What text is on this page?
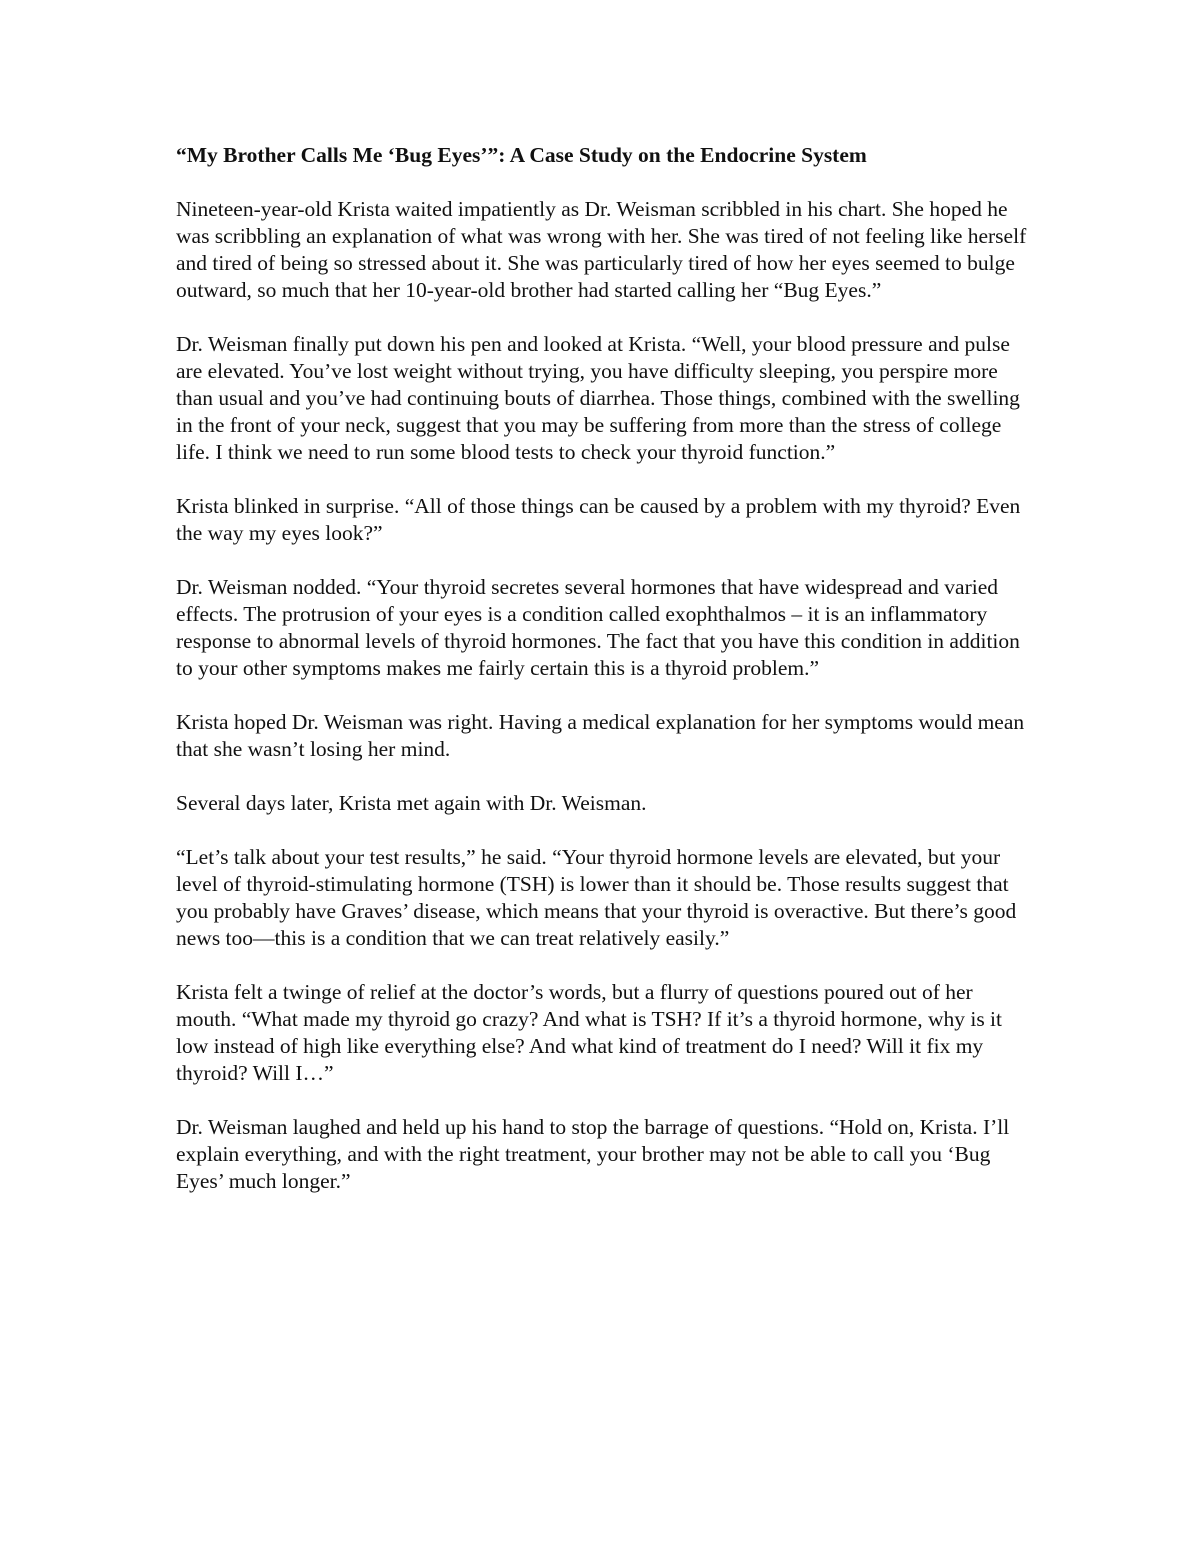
“My Brother Calls Me ‘Bug Eyes’”: A Case Study on the Endocrine System

Nineteen-year-old Krista waited impatiently as Dr. Weisman scribbled in his chart. She hoped he was scribbling an explanation of what was wrong with her. She was tired of not feeling like herself and tired of being so stressed about it. She was particularly tired of how her eyes seemed to bulge outward, so much that her 10-year-old brother had started calling her “Bug Eyes.”

Dr. Weisman finally put down his pen and looked at Krista. “Well, your blood pressure and pulse are elevated. You’ve lost weight without trying, you have difficulty sleeping, you perspire more than usual and you’ve had continuing bouts of diarrhea. Those things, combined with the swelling in the front of your neck, suggest that you may be suffering from more than the stress of college life. I think we need to run some blood tests to check your thyroid function.”

Krista blinked in surprise. “All of those things can be caused by a problem with my thyroid? Even the way my eyes look?”

Dr. Weisman nodded. “Your thyroid secretes several hormones that have widespread and varied effects. The protrusion of your eyes is a condition called exophthalmos – it is an inflammatory response to abnormal levels of thyroid hormones. The fact that you have this condition in addition to your other symptoms makes me fairly certain this is a thyroid problem.”

Krista hoped Dr. Weisman was right. Having a medical explanation for her symptoms would mean that she wasn’t losing her mind.

Several days later, Krista met again with Dr. Weisman.

“Let’s talk about your test results,” he said. “Your thyroid hormone levels are elevated, but your level of thyroid-stimulating hormone (TSH) is lower than it should be. Those results suggest that you probably have Graves’ disease, which means that your thyroid is overactive. But there’s good news too—this is a condition that we can treat relatively easily.”

Krista felt a twinge of relief at the doctor’s words, but a flurry of questions poured out of her mouth. “What made my thyroid go crazy? And what is TSH? If it’s a thyroid hormone, why is it low instead of high like everything else? And what kind of treatment do I need? Will it fix my thyroid? Will I…”

Dr. Weisman laughed and held up his hand to stop the barrage of questions. “Hold on, Krista. I’ll explain everything, and with the right treatment, your brother may not be able to call you ‘Bug Eyes’ much longer.”
